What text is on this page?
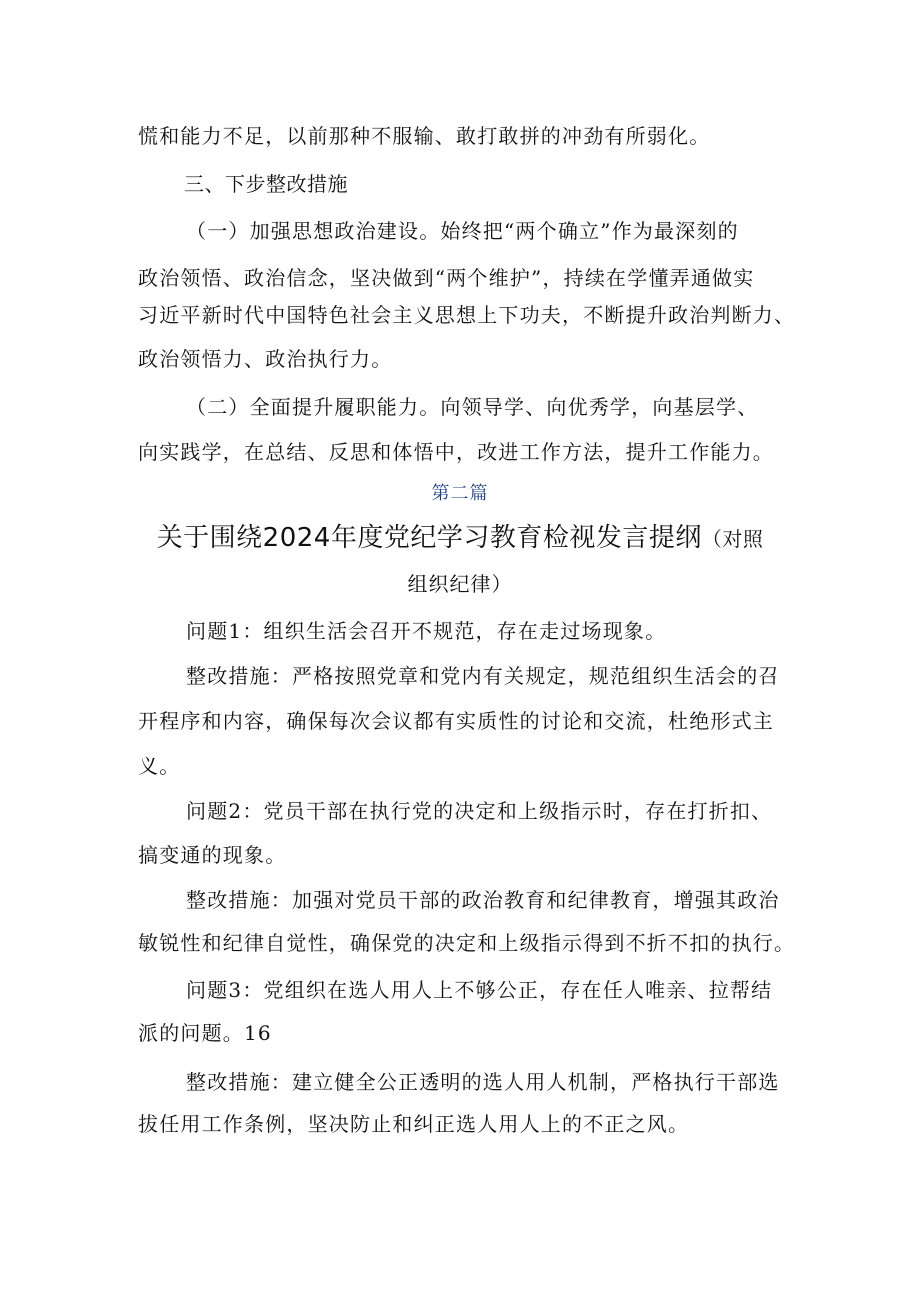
慌和能力不足，以前那种不服输、敢打敢拼的冲劲有所弱化。
三、下步整改措施
（一）加强思想政治建设。始终把“两个确立”作为最深刻的
政治领悟、政治信念，坚决做到“两个维护”，持续在学懂弄通做实
习近平新时代中国特色社会主义思想上下功夫，不断提升政治判断力、
政治领悟力、政治执行力。
（二）全面提升履职能力。向领导学、向优秀学，向基层学、
向实践学，在总结、反思和体悟中，改进工作方法，提升工作能力。
第二篇
关于围绕2024年度党纪学习教育检视发言提纲（对照
组织纪律）
问题1：组织生活会召开不规范，存在走过场现象。
整改措施：严格按照党章和党内有关规定，规范组织生活会的召
开程序和内容，确保每次会议都有实质性的讨论和交流，杜绝形式主
义。
问题2：党员干部在执行党的决定和上级指示时，存在打折扣、
搞变通的现象。
整改措施：加强对党员干部的政治教育和纪律教育，增强其政治
敏锐性和纪律自觉性，确保党的决定和上级指示得到不折不扣的执行。
问题3：党组织在选人用人上不够公正，存在任人唯亲、拉帮结
派的问题。16
整改措施：建立健全公正透明的选人用人机制，严格执行干部选
拔任用工作条例，坚决防止和纠正选人用人上的不正之风。
